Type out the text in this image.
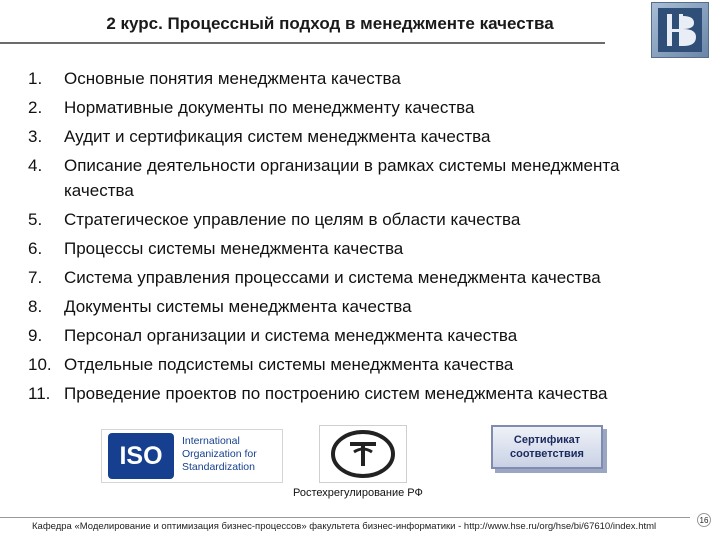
2 курс. Процессный подход в менеджменте качества
1.	Основные понятия менеджмента качества
2.	Нормативные документы по менеджменту качества
3.	Аудит и сертификация систем менеджмента качества
4.	Описание деятельности организации в рамках системы менеджмента качества
5.	Стратегическое управление по целям в области качества
6.	Процессы системы менеджмента качества
7.	Система управления процессами и система менеджмента качества
8.	Документы системы менеджмента качества
9.	Персонал организации и система менеджмента качества
10. Отдельные подсистемы системы менеджмента качества
11. Проведение проектов по построению систем менеджмента качества
ISO
International Organization for Standardization
Сертификат соответствия
Ростехрегулирование РФ
Кафедра «Моделирование и оптимизация бизнес-процессов» факультета бизнес-информатики - http://www.hse.ru/org/hse/bi/67610/index.html
16
